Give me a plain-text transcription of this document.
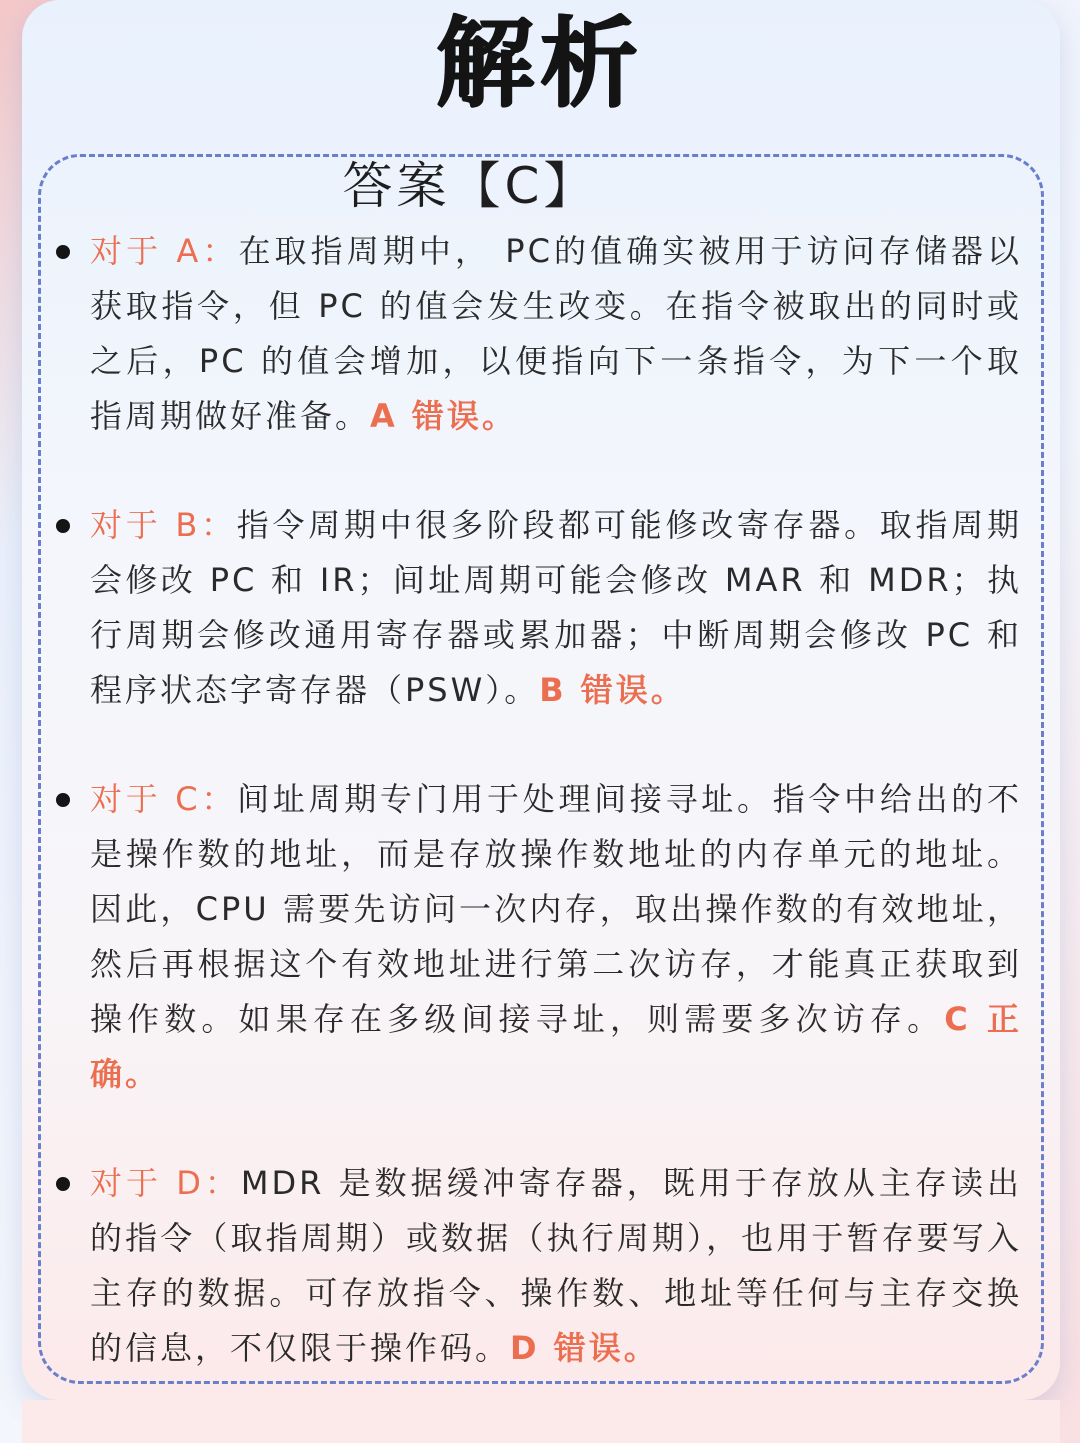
解析
答案【C】
对于 A：在取指周期中， PC的值确实被用于访问存储器以获取指令，但 PC 的值会发生改变。在指令被取出的同时或之后，PC 的值会增加，以便指向下一条指令，为下一个取指周期做好准备。A 错误。
对于 B：指令周期中很多阶段都可能修改寄存器。取指周期会修改 PC 和 IR；间址周期可能会修改 MAR 和 MDR；执行周期会修改通用寄存器或累加器；中断周期会修改 PC 和程序状态字寄存器（PSW）。B 错误。
对于 C：间址周期专门用于处理间接寻址。指令中给出的不是操作数的地址，而是存放操作数地址的内存单元的地址。因此，CPU 需要先访问一次内存，取出操作数的有效地址，然后再根据这个有效地址进行第二次访存，才能真正获取到操作数。如果存在多级间接寻址，则需要多次访存。C 正确。
对于 D：MDR 是数据缓冲寄存器，既用于存放从主存读出的指令（取指周期）或数据（执行周期），也用于暂存要写入主存的数据。可存放指令、操作数、地址等任何与主存交换的信息，不仅限于操作码。D 错误。
